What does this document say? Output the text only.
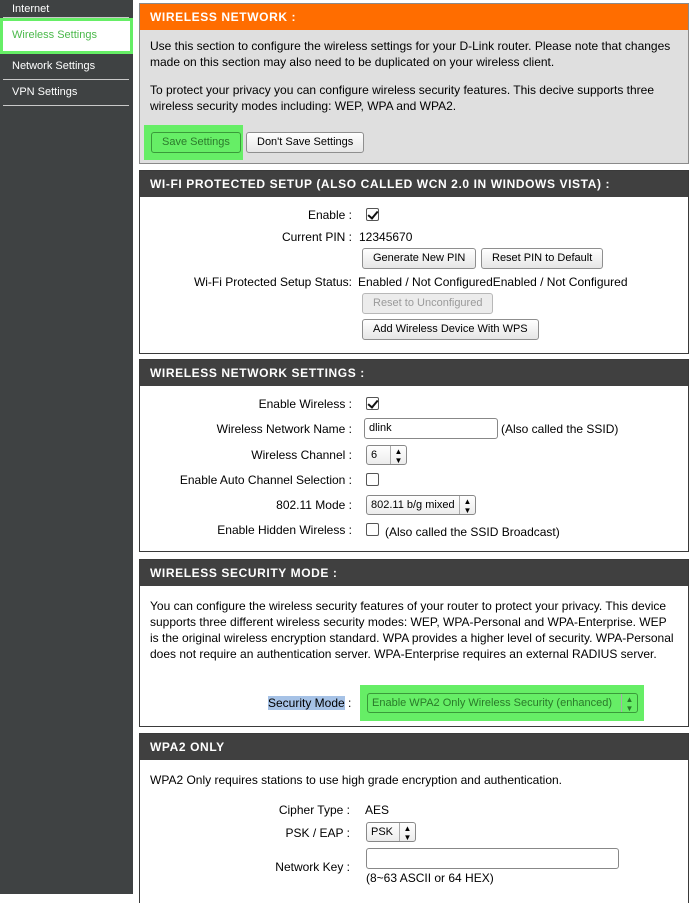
Internet
Wireless Settings
Network Settings
VPN Settings
WIRELESS NETWORK :

Use this section to configure the wireless settings for your D-Link router. Please note that changes made on this section may also need to be duplicated on your wireless client.

To protect your privacy you can configure wireless security features. This decive supports three wireless security modes including: WEP, WPA and WPA2.

Save Settings	Don't Save Settings
WI-FI PROTECTED SETUP (ALSO CALLED WCN 2.0 IN WINDOWS VISTA) :
Enable :
Current PIN : 12345670
Generate New PIN	Reset PIN to Default
Wi-Fi Protected Setup Status: Enabled / Not ConfiguredEnabled / Not Configured
Reset to Unconfigured
Add Wireless Device With WPS
WIRELESS NETWORK SETTINGS :
Enable Wireless :
Wireless Network Name :	dlink	(Also called the SSID)
Wireless Channel :	6	▲
▼
Enable Auto Channel Selection :
802.11 Mode :	802.11 b/g mixed	▲
▼
Enable Hidden Wireless :	(Also called the SSID Broadcast)
WIRELESS SECURITY MODE :
You can configure the wireless security features of your router to protect your privacy. This device supports three different wireless security modes: WEP, WPA-Personal and WPA-Enterprise. WEP is the original wireless encryption standard. WPA provides a higher level of security. WPA-Personal does not require an authentication server. WPA-Enterprise requires an external RADIUS server.
Security Mode :	Enable WPA2 Only Wireless Security (enhanced)	▲
▼
WPA2 ONLY
WPA2 Only requires stations to use high grade encryption and authentication.
Cipher Type : AES
PSK / EAP :	PSK	▲
▼
Network Key :
(8~63 ASCII or 64 HEX)
